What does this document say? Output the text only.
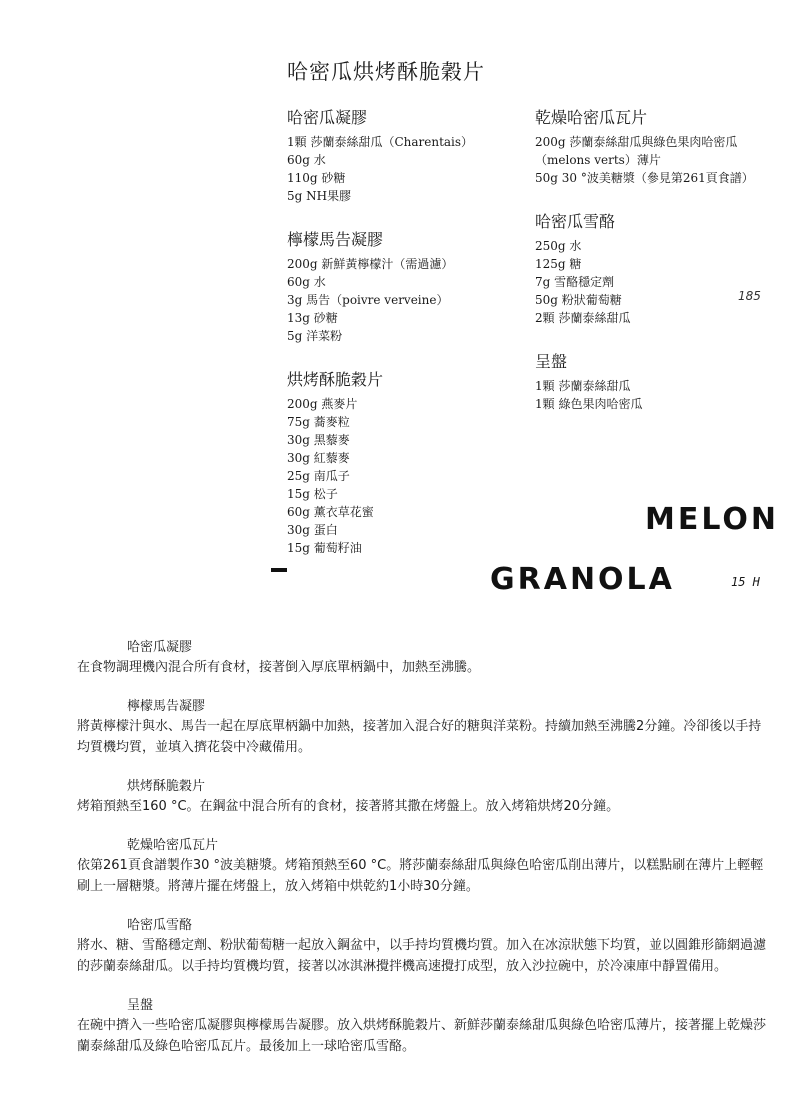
哈密瓜烘烤酥脆穀片
哈密瓜凝膠
1顆 莎蘭泰絲甜瓜（Charentais）
60g 水
110g 砂糖
5g NH果膠
檸檬馬告凝膠
200g 新鮮黃檸檬汁（需過濾）
60g 水
3g 馬告（poivre verveine）
13g 砂糖
5g 洋菜粉
烘烤酥脆穀片
200g 燕麥片
75g 蕎麥粒
30g 黑藜麥
30g 紅藜麥
25g 南瓜子
15g 松子
60g 薰衣草花蜜
30g 蛋白
15g 葡萄籽油
乾燥哈密瓜瓦片
200g 莎蘭泰絲甜瓜與綠色果肉哈密瓜（melons verts）薄片
50g 30 °波美糖漿（參見第261頁食譜）
哈密瓜雪酪
250g 水
125g 糖
7g 雪酪穩定劑
50g 粉狀葡萄糖
2顆 莎蘭泰絲甜瓜
呈盤
1顆 莎蘭泰絲甜瓜
1顆 綠色果肉哈密瓜
185
MELON
GRANOLA	15 H
哈密瓜凝膠

在食物調理機內混合所有食材，接著倒入厚底單柄鍋中，加熱至沸騰。

檸檬馬告凝膠

將黃檸檬汁與水、馬告一起在厚底單柄鍋中加熱，接著加入混合好的糖與洋菜粉。持續加熱至沸騰2分鐘。冷卻後以手持均質機均質，並填入擠花袋中冷藏備用。

烘烤酥脆穀片

烤箱預熱至160 °C。在鋼盆中混合所有的食材，接著將其撒在烤盤上。放入烤箱烘烤20分鐘。

乾燥哈密瓜瓦片

依第261頁食譜製作30 °波美糖漿。烤箱預熱至60 °C。將莎蘭泰絲甜瓜與綠色哈密瓜削出薄片，以糕點刷在薄片上輕輕刷上一層糖漿。將薄片擺在烤盤上，放入烤箱中烘乾約1小時30分鐘。

哈密瓜雪酪

將水、糖、雪酪穩定劑、粉狀葡萄糖一起放入鋼盆中，以手持均質機均質。加入在冰涼狀態下均質，並以圓錐形篩網過濾的莎蘭泰絲甜瓜。以手持均質機均質，接著以冰淇淋攪拌機高速攪打成型，放入沙拉碗中，於冷凍庫中靜置備用。

呈盤

在碗中擠入一些哈密瓜凝膠與檸檬馬告凝膠。放入烘烤酥脆穀片、新鮮莎蘭泰絲甜瓜與綠色哈密瓜薄片，接著擺上乾燥莎蘭泰絲甜瓜及綠色哈密瓜瓦片。最後加上一球哈密瓜雪酪。
